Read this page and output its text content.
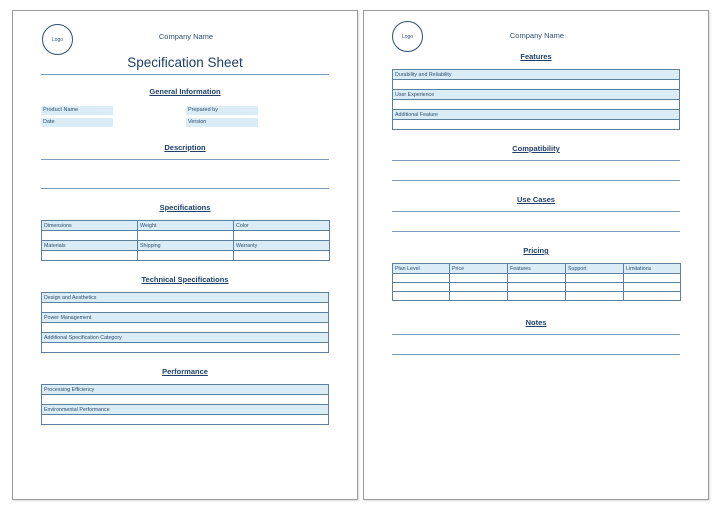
Logo	Company Name
Specification Sheet
General Information
Product Name	Prepared by
Date	Version
Description
Specifications
Dimensions	Weight	Color

Materials	Shipping	Warranty

Technical Specifications
Design and Aesthetics

Power Management

Additional Specification Category

Performance
Processing Efficiency

Environmental Performance

Logo	Company Name
Features
Durability and Reliability

User Experience

Additional Feature

Compatibility
Use Cases
Pricing
Plan Level	Price	Features	Support	Limitations

Notes
